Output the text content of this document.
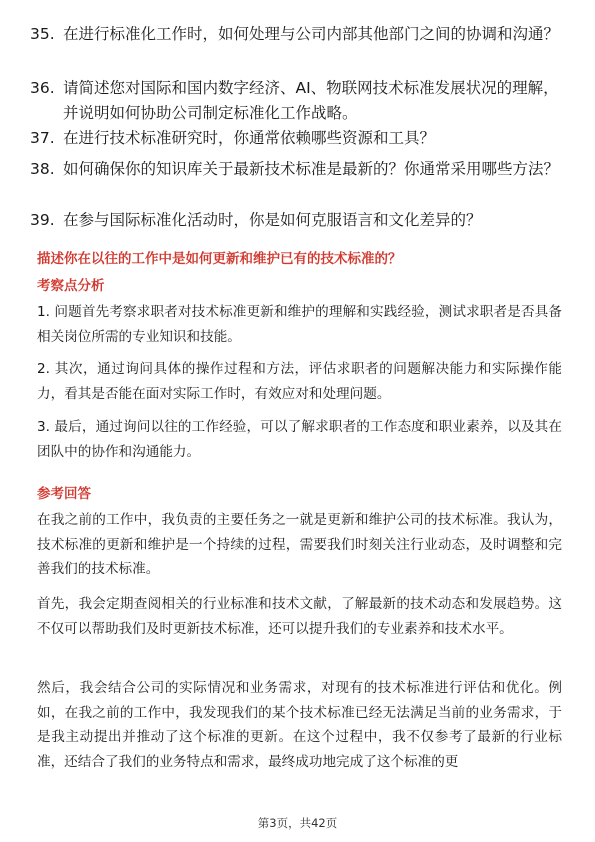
35. 在进行标准化工作时，如何处理与公司内部其他部门之间的协调和沟通？
36. 请简述您对国际和国内数字经济、AI、物联网技术标准发展状况的理解，并说明如何协助公司制定标准化工作战略。
37. 在进行技术标准研究时，你通常依赖哪些资源和工具？
38. 如何确保你的知识库关于最新技术标准是最新的？你通常采用哪些方法？
39. 在参与国际标准化活动时，你是如何克服语言和文化差异的？
描述你在以往的工作中是如何更新和维护已有的技术标准的？
考察点分析
1. 问题首先考察求职者对技术标准更新和维护的理解和实践经验，测试求职者是否具备相关岗位所需的专业知识和技能。
2. 其次，通过询问具体的操作过程和方法，评估求职者的问题解决能力和实际操作能力，看其是否能在面对实际工作时，有效应对和处理问题。
3. 最后，通过询问以往的工作经验，可以了解求职者的工作态度和职业素养，以及其在团队中的协作和沟通能力。
参考回答
在我之前的工作中，我负责的主要任务之一就是更新和维护公司的技术标准。我认为，技术标准的更新和维护是一个持续的过程，需要我们时刻关注行业动态，及时调整和完善我们的技术标准。
首先，我会定期查阅相关的行业标准和技术文献，了解最新的技术动态和发展趋势。这不仅可以帮助我们及时更新技术标准，还可以提升我们的专业素养和技术水平。
然后，我会结合公司的实际情况和业务需求，对现有的技术标准进行评估和优化。例如，在我之前的工作中，我发现我们的某个技术标准已经无法满足当前的业务需求，于是我主动提出并推动了这个标准的更新。在这个过程中，我不仅参考了最新的行业标准，还结合了我们的业务特点和需求，最终成功地完成了这个标准的更
第3页，共42页
